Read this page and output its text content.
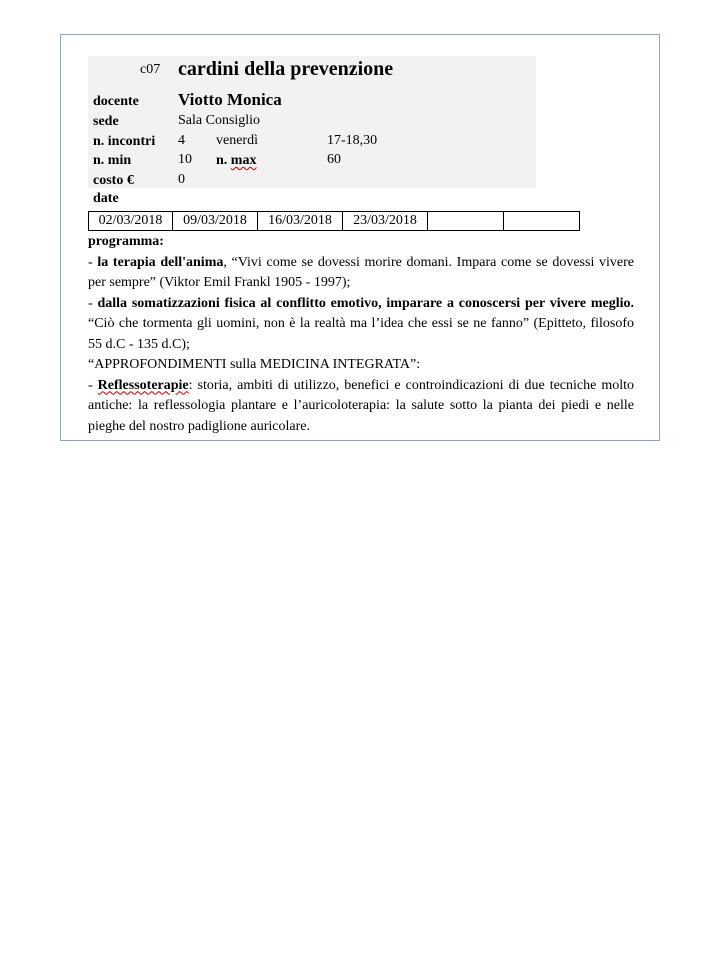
c07 cardini della prevenzione
docente Viotto Monica
sede	Sala Consiglio
n. incontri 4 venerdì	17-18,30
n. min	10 n. max	60
costo €	0
date
02/03/2018	09/03/2018	16/03/2018	23/03/2018

programma:

- la terapia dell'anima, “Vivi come se dovessi morire domani. Impara come se dovessi vivere per sempre” (Viktor Emil Frankl 1905 - 1997);

- dalla somatizzazioni fisica al conflitto emotivo, imparare a conoscersi per vivere meglio. “Ciò che tormenta gli uomini, non è la realtà ma l’idea che essi se ne fanno” (Epitteto, filosofo 55 d.C - 135 d.C);

“APPROFONDIMENTI sulla MEDICINA INTEGRATA”:

- Reflessoterapie: storia, ambiti di utilizzo, benefici e controindicazioni di due tecniche molto antiche: la reflessologia plantare e l’auricoloterapia: la salute sotto la pianta dei piedi e nelle pieghe del nostro padiglione auricolare.
